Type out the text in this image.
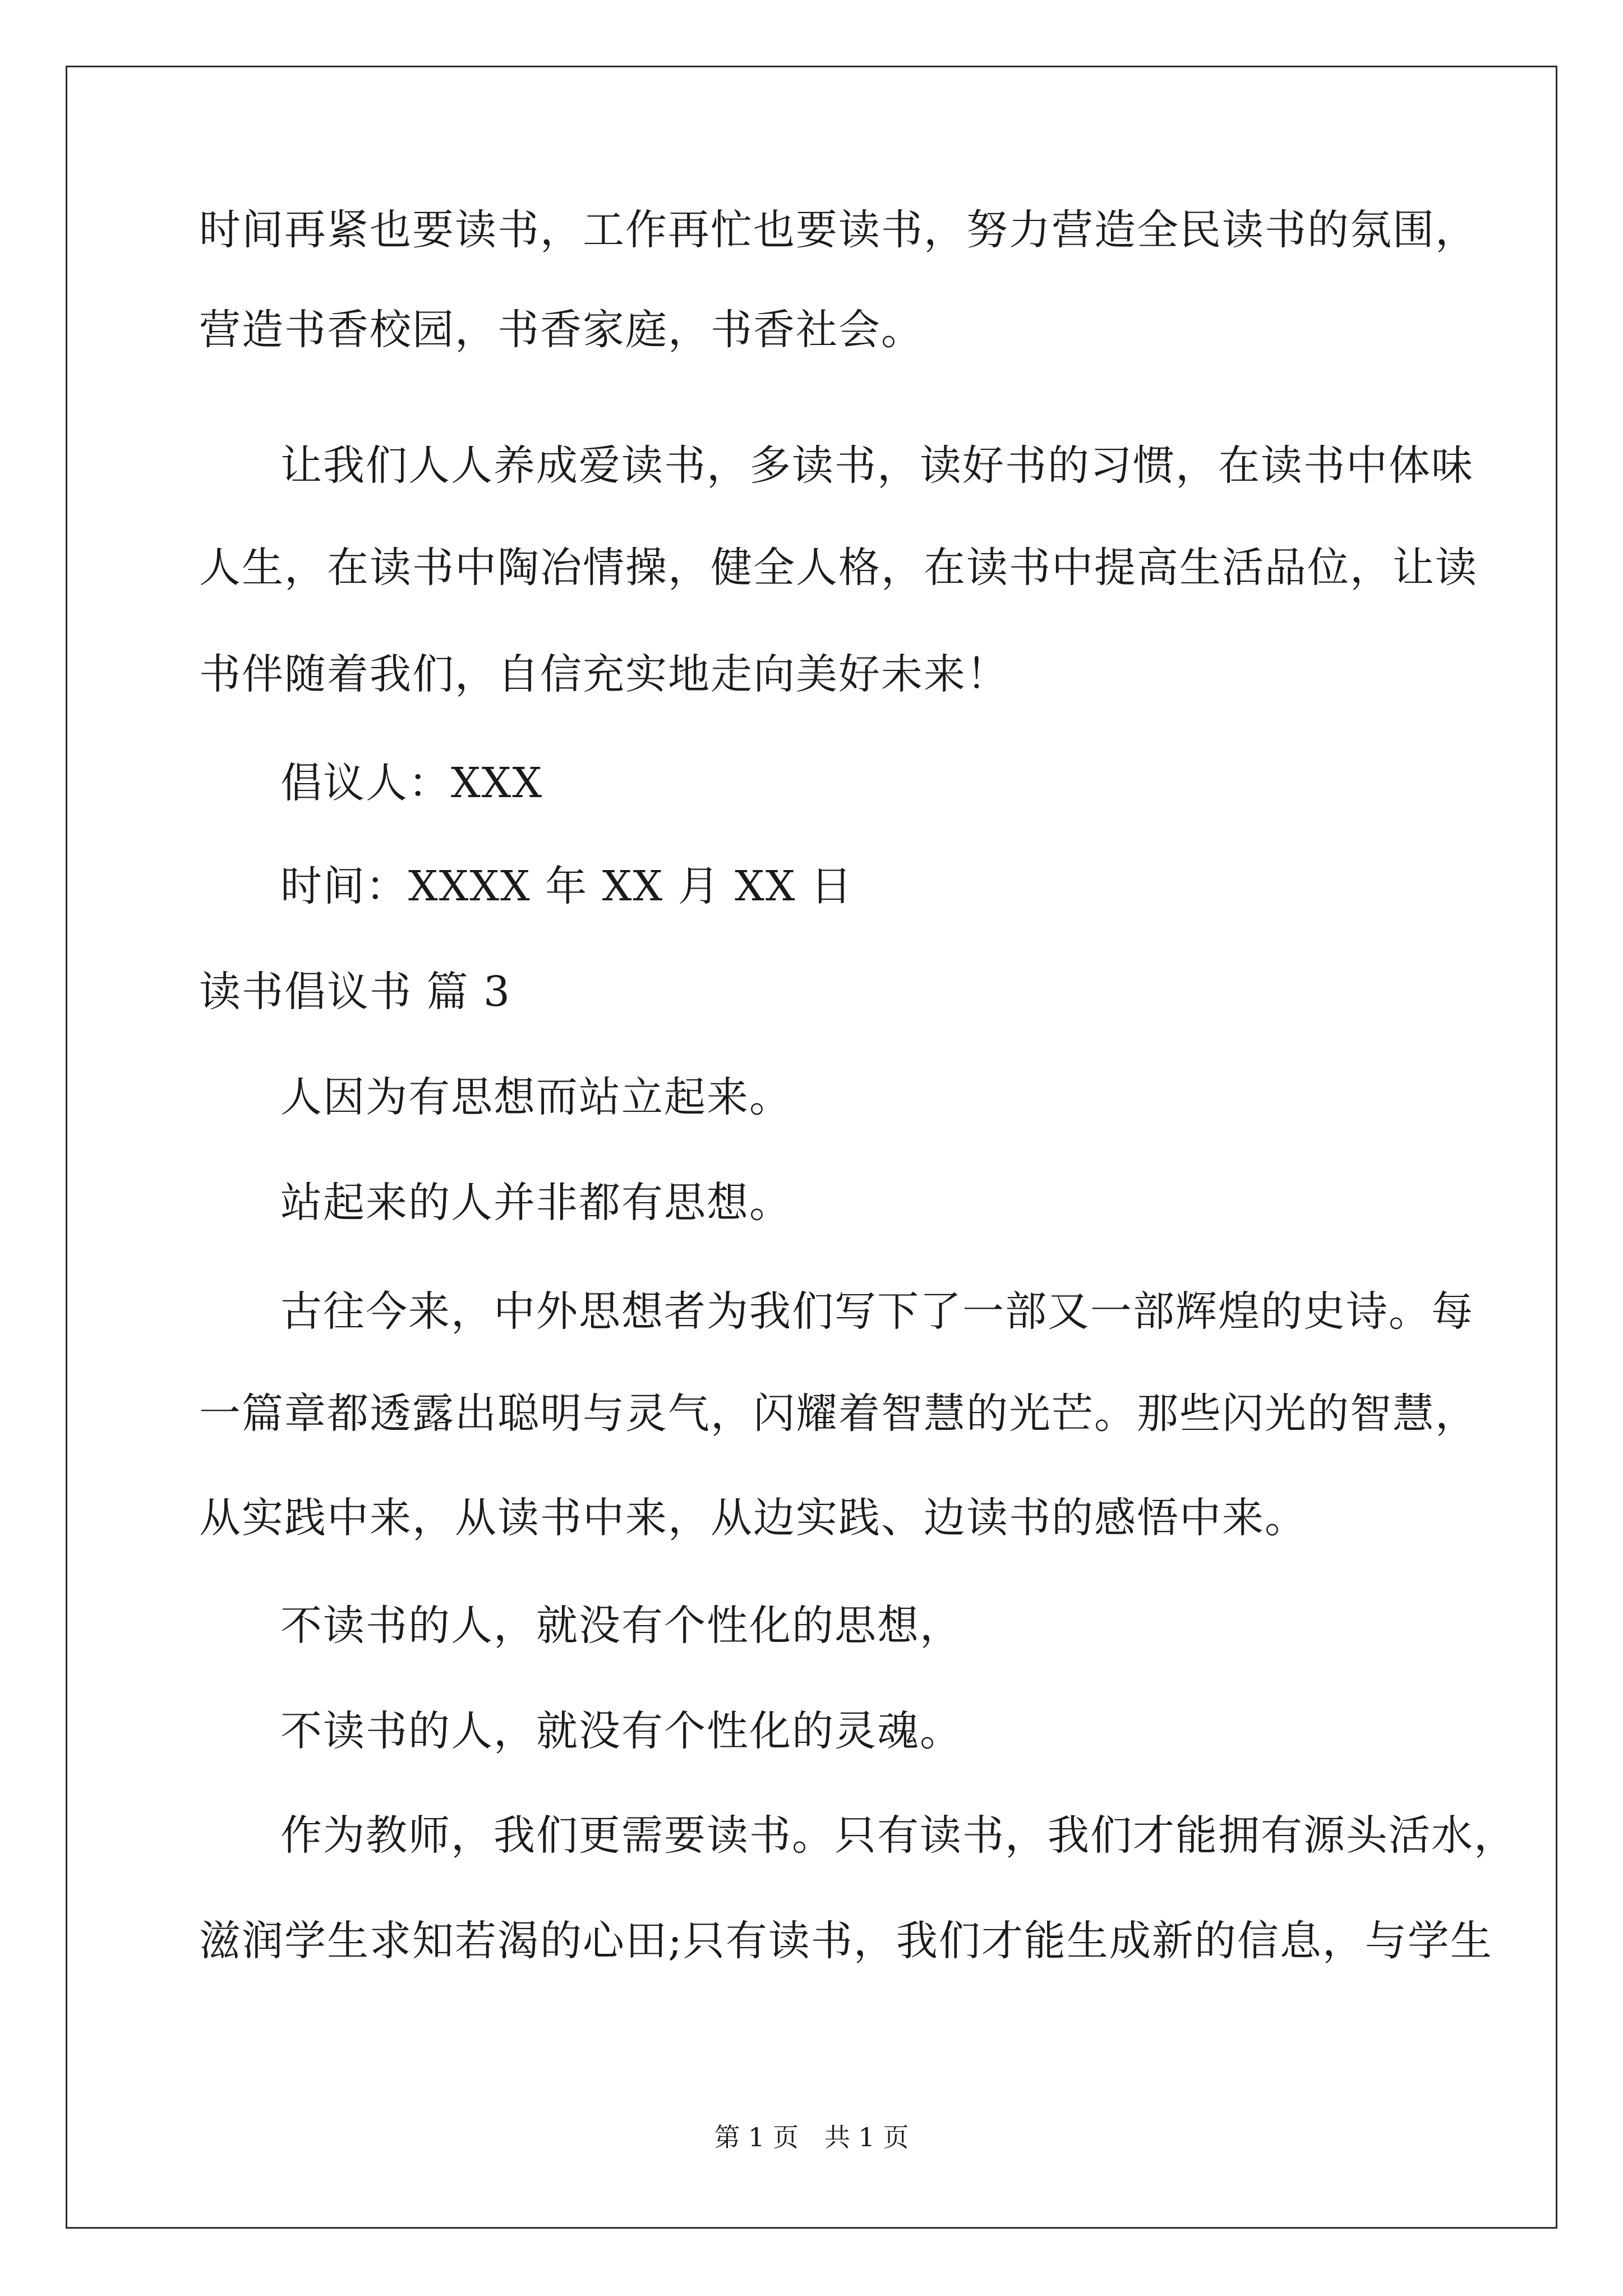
时间再紧也要读书，工作再忙也要读书，努力营造全民读书的氛围，
营造书香校园，书香家庭，书香社会。
让我们人人养成爱读书，多读书，读好书的习惯，在读书中体味
人生，在读书中陶冶情操，健全人格，在读书中提高生活品位，让读
书伴随着我们，自信充实地走向美好未来！
倡议人：XXX
时间：XXXX 年 XX 月 XX 日
读书倡议书 篇 3
人因为有思想而站立起来。
站起来的人并非都有思想。
古往今来，中外思想者为我们写下了一部又一部辉煌的史诗。每
一篇章都透露出聪明与灵气，闪耀着智慧的光芒。那些闪光的智慧，
从实践中来，从读书中来，从边实践、边读书的感悟中来。
不读书的人，就没有个性化的思想，
不读书的人，就没有个性化的灵魂。
作为教师，我们更需要读书。只有读书，我们才能拥有源头活水，
滋润学生求知若渴的心田;只有读书，我们才能生成新的信息，与学生
第 1 页　共 1 页
